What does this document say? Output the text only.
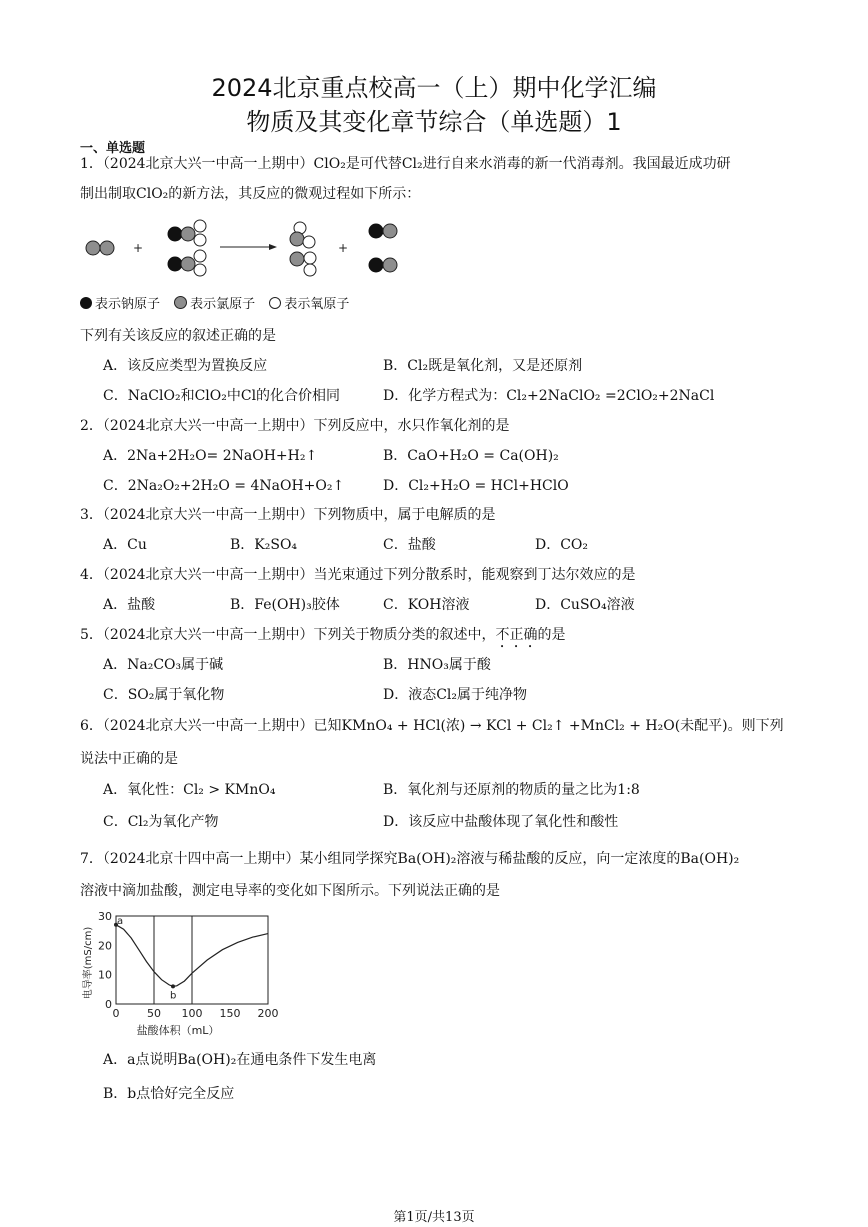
2024北京重点校高一（上）期中化学汇编
物质及其变化章节综合（单选题）1
一、单选题
1．（2024北京大兴一中高一上期中）ClO₂是可代替Cl₂进行自来水消毒的新一代消毒剂。我国最近成功研
制出制取ClO₂的新方法，其反应的微观过程如下所示：
+	+
表示钠原子 表示氯原子 表示氧原子
下列有关该反应的叙述正确的是
A．该反应类型为置换反应	B．Cl₂既是氧化剂，又是还原剂
C．NaClO₂和ClO₂中Cl的化合价相同	D．化学方程式为：Cl₂+2NaClO₂ =2ClO₂+2NaCl
2．（2024北京大兴一中高一上期中）下列反应中，水只作氧化剂的是
A．2Na+2H₂O= 2NaOH+H₂↑	B．CaO+H₂O = Ca(OH)₂
C．2Na₂O₂+2H₂O = 4NaOH+O₂↑	D．Cl₂+H₂O = HCl+HClO
3．（2024北京大兴一中高一上期中）下列物质中，属于电解质的是
A．Cu	B．K₂SO₄	C．盐酸	D．CO₂
4．（2024北京大兴一中高一上期中）当光束通过下列分散系时，能观察到丁达尔效应的是
A．盐酸	B．Fe(OH)₃胶体	C．KOH溶液	D．CuSO₄溶液
5．（2024北京大兴一中高一上期中）下列关于物质分类的叙述中，不正确的是
A．Na₂CO₃属于碱	B．HNO₃属于酸
C．SO₂属于氧化物	D．液态Cl₂属于纯净物
6．（2024北京大兴一中高一上期中）已知KMnO₄ + HCl(浓) → KCl + Cl₂↑ +MnCl₂ + H₂O(未配平)。则下列
说法中正确的是
A．氧化性：Cl₂ > KMnO₄	B．氧化剂与还原剂的物质的量之比为1:8
C．Cl₂为氧化产物	D．该反应中盐酸体现了氧化性和酸性
7．（2024北京十四中高一上期中）某小组同学探究Ba(OH)₂溶液与稀盐酸的反应，向一定浓度的Ba(OH)₂
溶液中滴加盐酸，测定电导率的变化如下图所示。下列说法正确的是
0	50 100 150 200
30
20
10
0
a
b
盐酸体积（mL）
电导率(mS/cm)
A．a点说明Ba(OH)₂在通电条件下发生电离
B．b点恰好完全反应
第1页/共13页
